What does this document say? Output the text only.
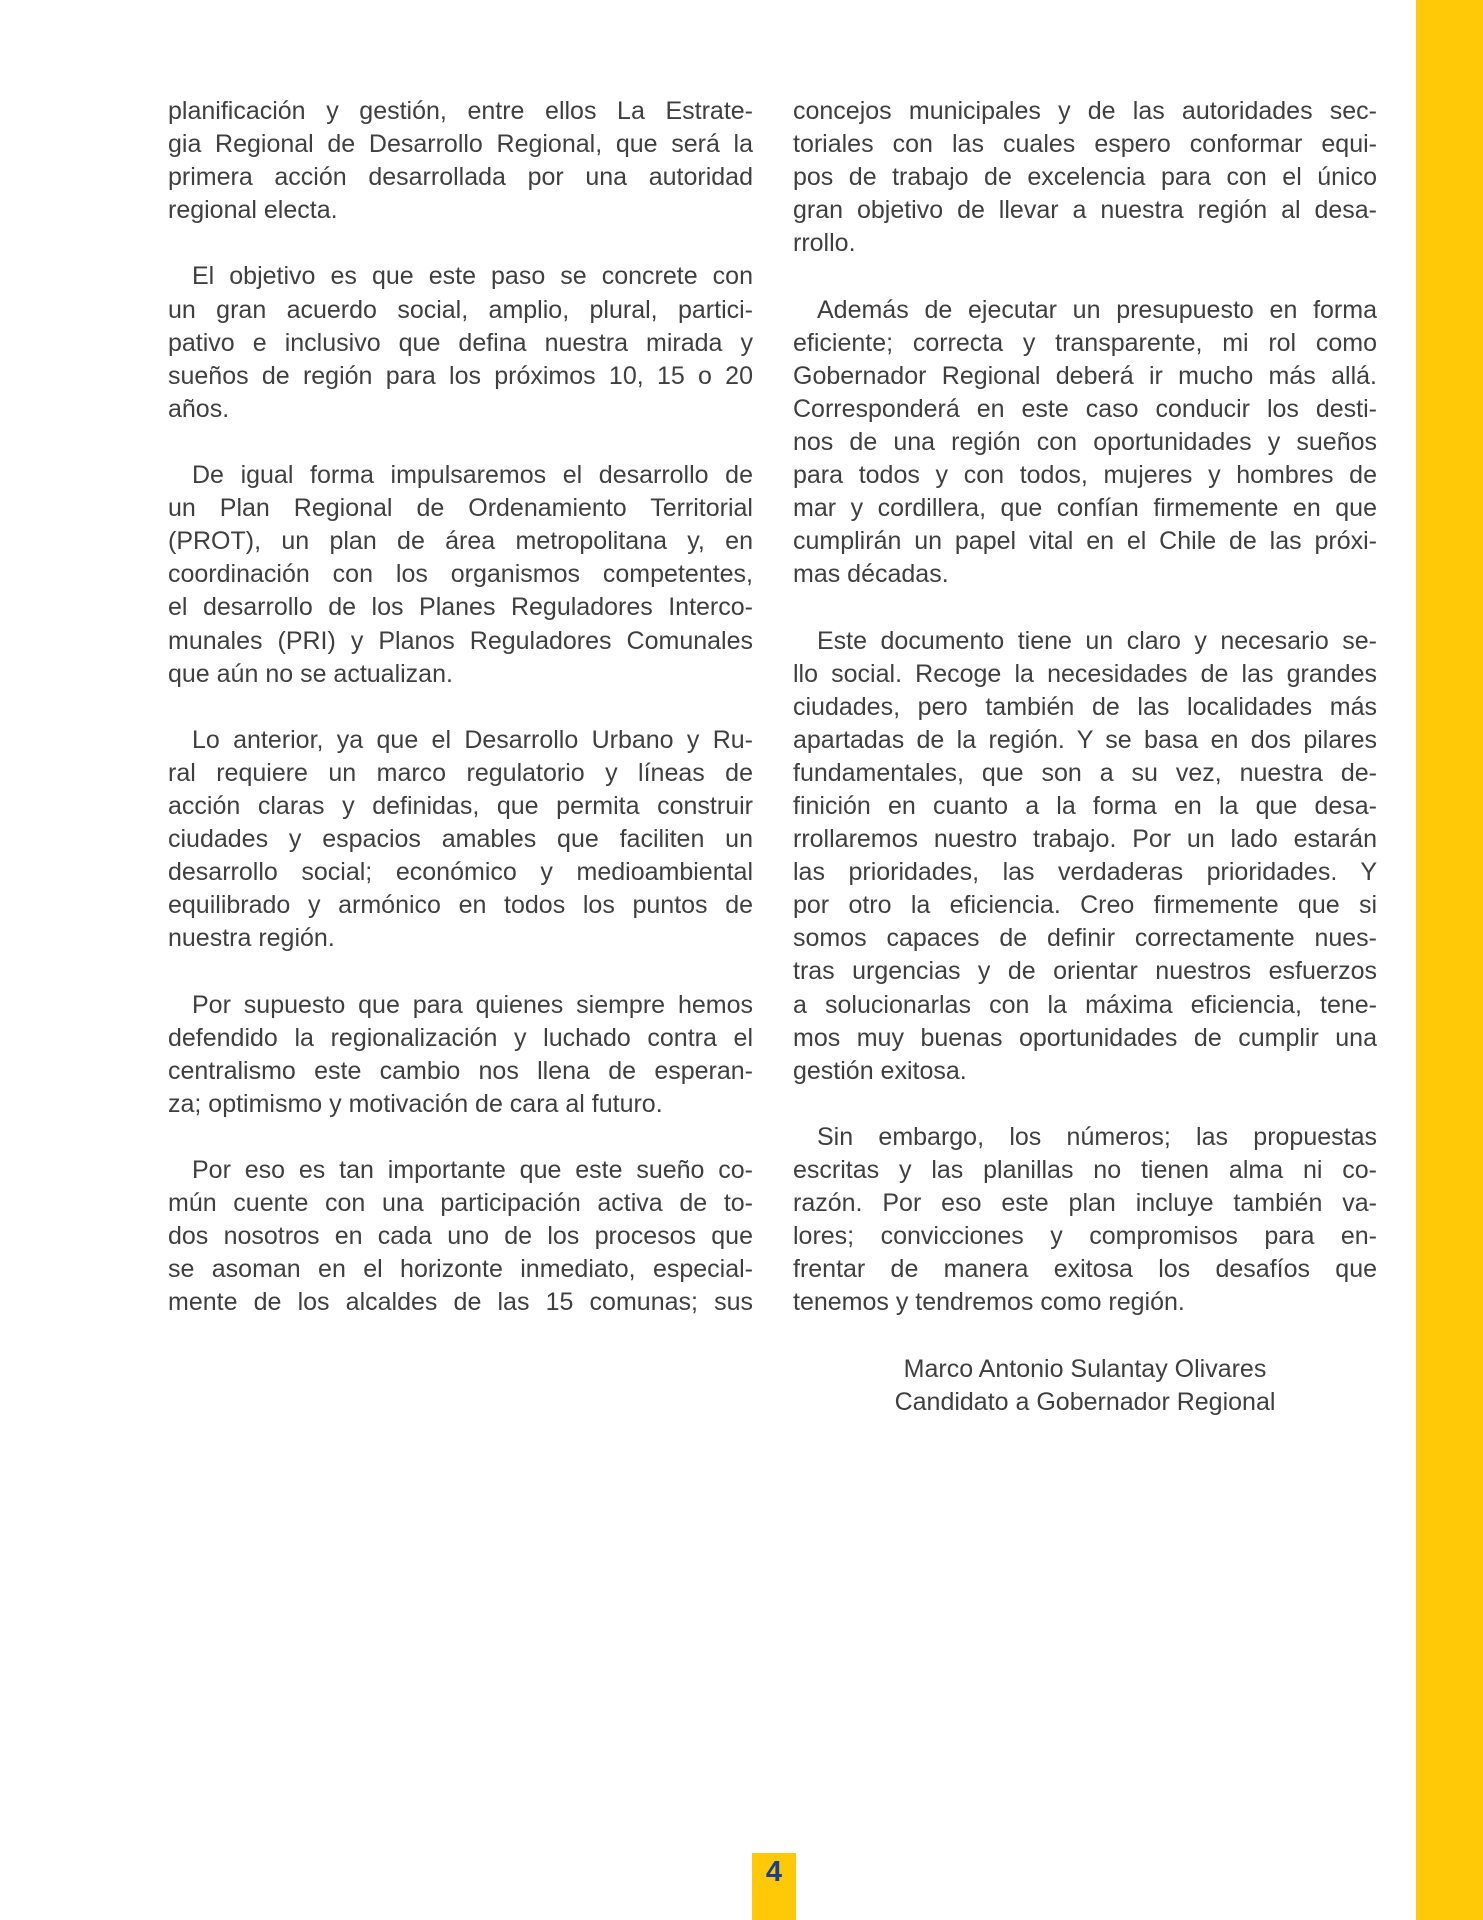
planificación y gestión, entre ellos La Estrate-
gia Regional de Desarrollo Regional, que será la
primera acción desarrollada por una autoridad
regional electa.
El objetivo es que este paso se concrete con
un gran acuerdo social, amplio, plural, partici-
pativo e inclusivo que defina nuestra mirada y
sueños de región para los próximos 10, 15 o 20
años.
De igual forma impulsaremos el desarrollo de
un Plan Regional de Ordenamiento Territorial
(PROT), un plan de área metropolitana y, en
coordinación con los organismos competentes,
el desarrollo de los Planes Reguladores Interco-
munales (PRI) y Planos Reguladores Comunales
que aún no se actualizan.
Lo anterior, ya que el Desarrollo Urbano y Ru-
ral requiere un marco regulatorio y líneas de
acción claras y definidas, que permita construir
ciudades y espacios amables que faciliten un
desarrollo social; económico y medioambiental
equilibrado y armónico en todos los puntos de
nuestra región.
Por supuesto que para quienes siempre hemos
defendido la regionalización y luchado contra el
centralismo este cambio nos llena de esperan-
za; optimismo y motivación de cara al futuro.
Por eso es tan importante que este sueño co-
mún cuente con una participación activa de to-
dos nosotros en cada uno de los procesos que
se asoman en el horizonte inmediato, especial-
mente de los alcaldes de las 15 comunas; sus
concejos municipales y de las autoridades sec-
toriales con las cuales espero conformar equi-
pos de trabajo de excelencia para con el único
gran objetivo de llevar a nuestra región al desa-
rrollo.
Además de ejecutar un presupuesto en forma
eficiente; correcta y transparente, mi rol como
Gobernador Regional deberá ir mucho más allá.
Corresponderá en este caso conducir los desti-
nos de una región con oportunidades y sueños
para todos y con todos, mujeres y hombres de
mar y cordillera, que confían firmemente en que
cumplirán un papel vital en el Chile de las próxi-
mas décadas.
Este documento tiene un claro y necesario se-
llo social. Recoge la necesidades de las grandes
ciudades, pero también de las localidades más
apartadas de la región. Y se basa en dos pilares
fundamentales, que son a su vez, nuestra de-
finición en cuanto a la forma en la que desa-
rrollaremos nuestro trabajo. Por un lado estarán
las prioridades, las verdaderas prioridades. Y
por otro la eficiencia. Creo firmemente que si
somos capaces de definir correctamente nues-
tras urgencias y de orientar nuestros esfuerzos
a solucionarlas con la máxima eficiencia, tene-
mos muy buenas oportunidades de cumplir una
gestión exitosa.
Sin embargo, los números; las propuestas
escritas y las planillas no tienen alma ni co-
razón. Por eso este plan incluye también va-
lores; convicciones y compromisos para en-
frentar de manera exitosa los desafíos que
tenemos y tendremos como región.
Marco Antonio Sulantay Olivares
Candidato a Gobernador Regional
4
